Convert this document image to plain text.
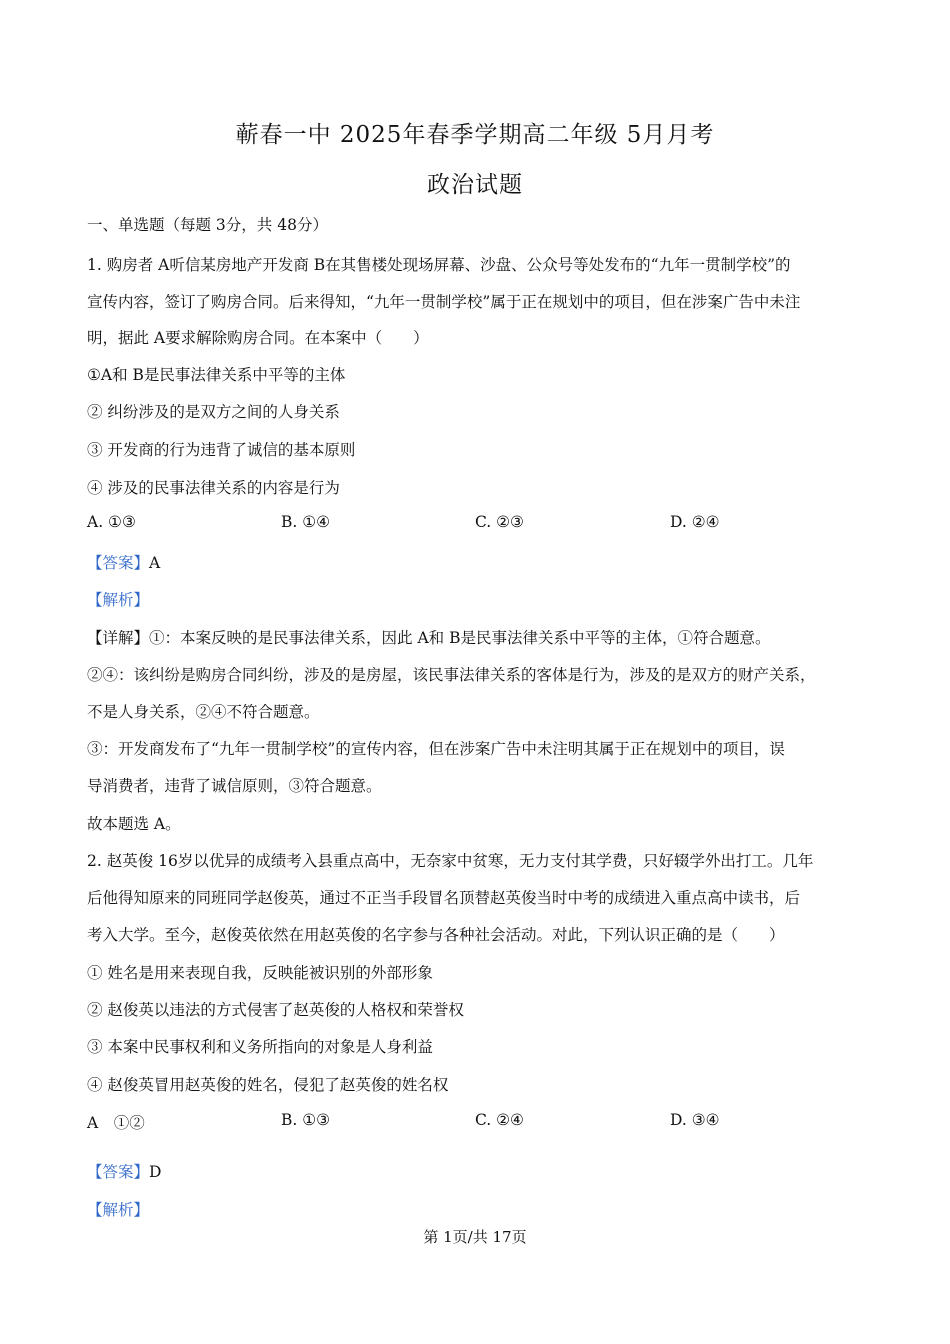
蕲春一中 2025年春季学期高二年级 5月月考
政治试题
一、单选题（每题 3分，共 48分）
1. 购房者 A听信某房地产开发商 B在其售楼处现场屏幕、沙盘、公众号等处发布的“九年一贯制学校”的
宣传内容，签订了购房合同。后来得知，“九年一贯制学校”属于正在规划中的项目，但在涉案广告中未注
明，据此 A要求解除购房合同。在本案中（　　）
①A和 B是民事法律关系中平等的主体
② 纠纷涉及的是双方之间的人身关系
③ 开发商的行为违背了诚信的基本原则
④ 涉及的民事法律关系的内容是行为
A. ①③	B. ①④	C. ②③	D. ②④
【答案】A
【解析】
【详解】①：本案反映的是民事法律关系，因此 A和 B是民事法律关系中平等的主体，①符合题意。
②④：该纠纷是购房合同纠纷，涉及的是房屋，该民事法律关系的客体是行为，涉及的是双方的财产关系，
不是人身关系，②④不符合题意。
③：开发商发布了“九年一贯制学校”的宣传内容，但在涉案广告中未注明其属于正在规划中的项目，误
导消费者，违背了诚信原则，③符合题意。
故本题选 A。
2. 赵英俊 16岁以优异的成绩考入县重点高中，无奈家中贫寒，无力支付其学费，只好辍学外出打工。几年
后他得知原来的同班同学赵俊英，通过不正当手段冒名顶替赵英俊当时中考的成绩进入重点高中读书，后
考入大学。至今，赵俊英依然在用赵英俊的名字参与各种社会活动。对此，下列认识正确的是（　　）
① 姓名是用来表现自我，反映能被识别的外部形象
② 赵俊英以违法的方式侵害了赵英俊的人格权和荣誉权
③ 本案中民事权利和义务所指向的对象是人身利益
④ 赵俊英冒用赵英俊的姓名，侵犯了赵英俊的姓名权
A　①②	B. ①③	C. ②④	D. ③④
【答案】D
【解析】
第 1页/共 17页
